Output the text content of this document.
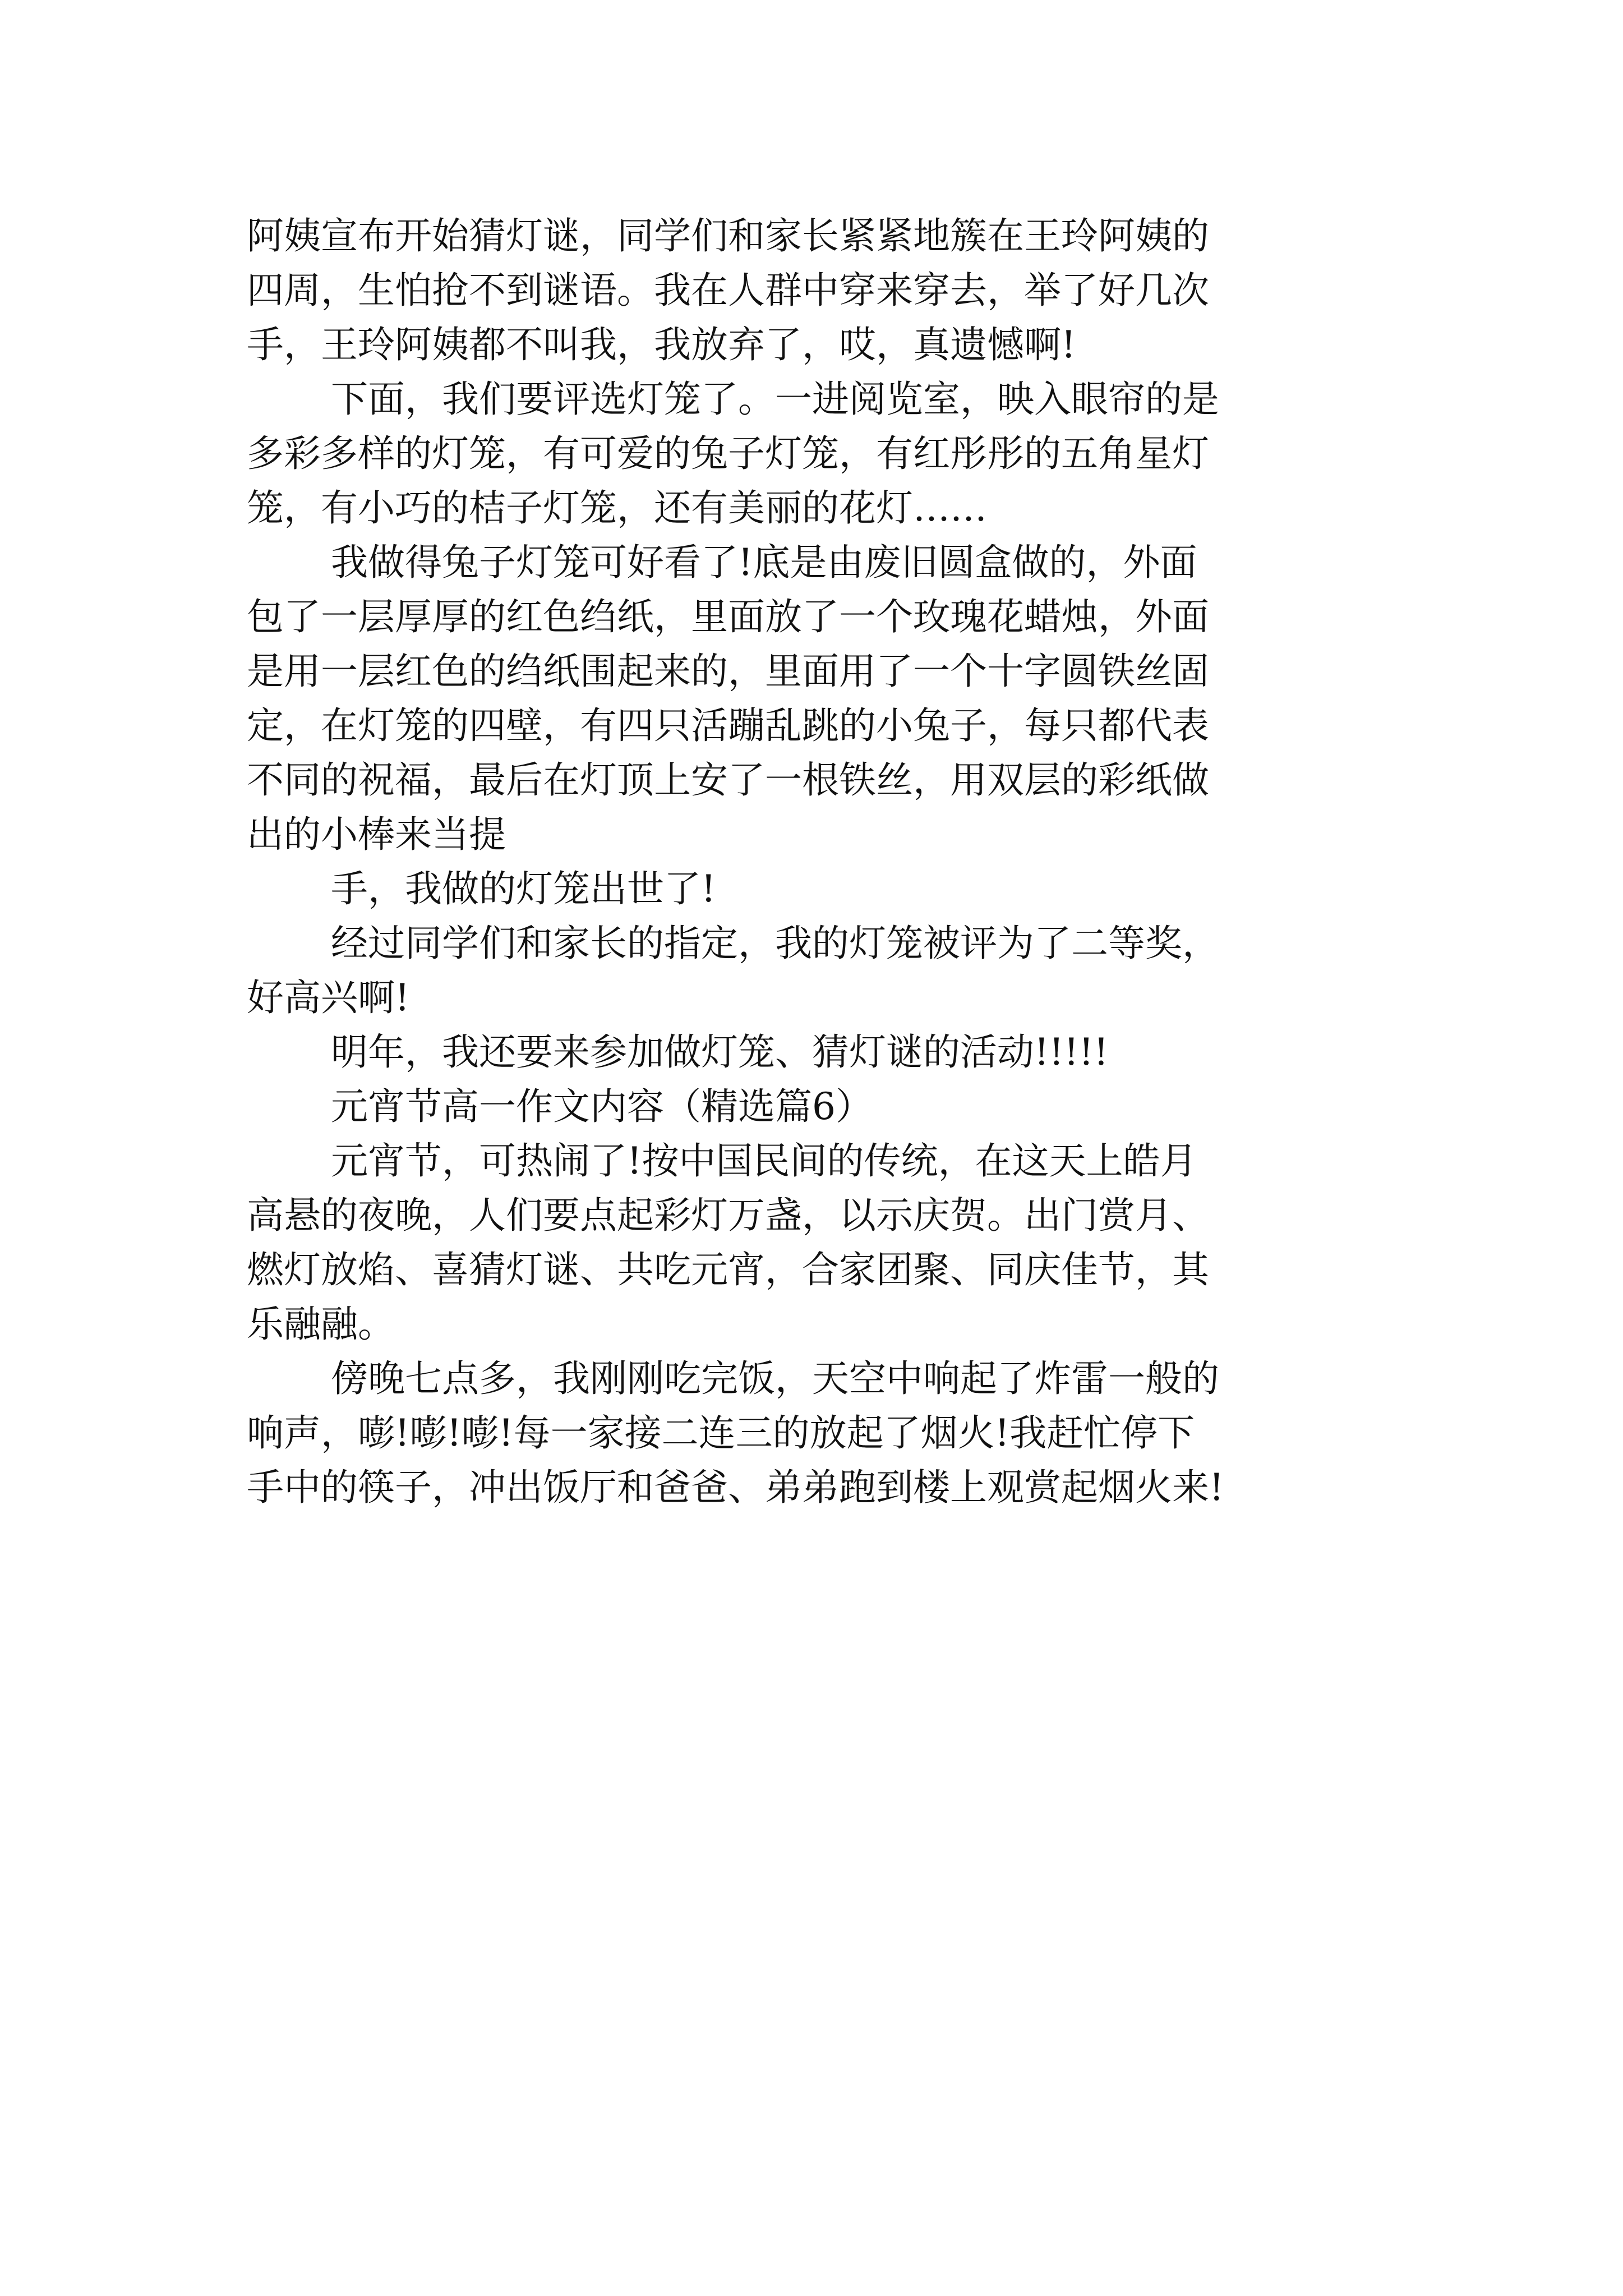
阿姨宣布开始猜灯谜，同学们和家长紧紧地簇在王玲阿姨的
四周，生怕抢不到谜语。我在人群中穿来穿去，举了好几次
手，王玲阿姨都不叫我，我放弃了，哎，真遗憾啊!

下面，我们要评选灯笼了。一进阅览室，映入眼帘的是
多彩多样的灯笼，有可爱的兔子灯笼，有红彤彤的五角星灯
笼，有小巧的桔子灯笼，还有美丽的花灯……

我做得兔子灯笼可好看了!底是由废旧圆盒做的，外面
包了一层厚厚的红色绉纸，里面放了一个玫瑰花蜡烛，外面
是用一层红色的绉纸围起来的，里面用了一个十字圆铁丝固
定，在灯笼的四壁，有四只活蹦乱跳的小兔子，每只都代表
不同的祝福，最后在灯顶上安了一根铁丝，用双层的彩纸做
出的小棒来当提

手，我做的灯笼出世了!

经过同学们和家长的指定，我的灯笼被评为了二等奖，
好高兴啊!

明年，我还要来参加做灯笼、猜灯谜的活动!!!!!

元宵节高一作文内容（精选篇6）

元宵节，可热闹了!按中国民间的传统，在这天上皓月
高悬的夜晚，人们要点起彩灯万盏，以示庆贺。出门赏月、
燃灯放焰、喜猜灯谜、共吃元宵，合家团聚、同庆佳节，其
乐融融。

傍晚七点多，我刚刚吃完饭，天空中响起了炸雷一般的
响声，嘭!嘭!嘭!每一家接二连三的放起了烟火!我赶忙停下
手中的筷子，冲出饭厅和爸爸、弟弟跑到楼上观赏起烟火来!
